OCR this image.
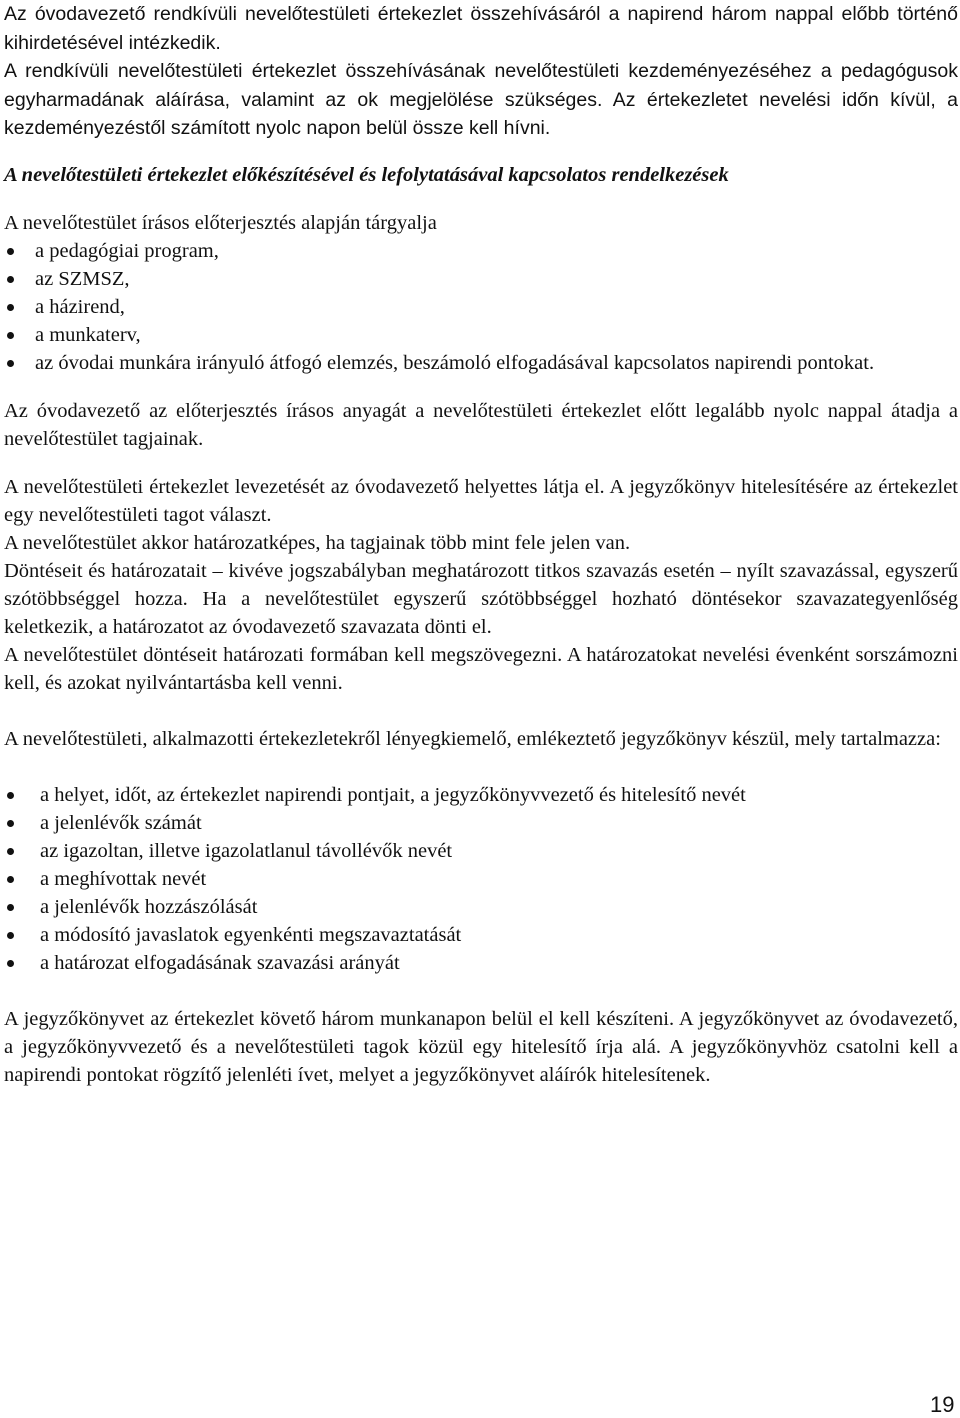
Az óvodavezető rendkívüli nevelőtestületi értekezlet összehívásáról a napirend három nappal előbb történő kihirdetésével intézkedik.

A rendkívüli nevelőtestületi értekezlet összehívásának nevelőtestületi kezdeményezéséhez a pedagógusok egyharmadának aláírása, valamint az ok megjelölése szükséges. Az értekezletet nevelési időn kívül, a kezdeményezéstől számított nyolc napon belül össze kell hívni.

A nevelőtestületi értekezlet előkészítésével és lefolytatásával kapcsolatos rendelkezések

A nevelőtestület írásos előterjesztés alapján tárgyalja

a pedagógiai program,
az SZMSZ,
a házirend,
a munkaterv,
az óvodai munkára irányuló átfogó elemzés, beszámoló elfogadásával kapcsolatos napirendi pontokat.

Az óvodavezető az előterjesztés írásos anyagát a nevelőtestületi értekezlet előtt legalább nyolc nappal átadja a nevelőtestület tagjainak.

A nevelőtestületi értekezlet levezetését az óvodavezető helyettes látja el. A jegyzőkönyv hitelesítésére az értekezlet egy nevelőtestületi tagot választ.

A nevelőtestület akkor határozatképes, ha tagjainak több mint fele jelen van.

Döntéseit és határozatait – kivéve jogszabályban meghatározott titkos szavazás esetén – nyílt szavazással, egyszerű szótöbbséggel hozza. Ha a nevelőtestület egyszerű szótöbbséggel hozható döntésekor szavazategyenlőség keletkezik, a határozatot az óvodavezető szavazata dönti el.

A nevelőtestület döntéseit határozati formában kell megszövegezni. A határozatokat nevelési évenként sorszámozni kell, és azokat nyilvántartásba kell venni.

A nevelőtestületi, alkalmazotti értekezletekről lényegkiemelő, emlékeztető jegyzőkönyv készül, mely tartalmazza:

a helyet, időt, az értekezlet napirendi pontjait, a jegyzőkönyvvezető és hitelesítő nevét
a jelenlévők számát
az igazoltan, illetve igazolatlanul távollévők nevét
a meghívottak nevét
a jelenlévők hozzászólását
a módosító javaslatok egyenkénti megszavaztatását
a határozat elfogadásának szavazási arányát

A jegyzőkönyvet az értekezlet követő három munkanapon belül el kell készíteni. A jegyzőkönyvet az óvodavezető, a jegyzőkönyvvezető és a nevelőtestületi tagok közül egy hitelesítő írja alá. A jegyzőkönyvhöz csatolni kell a napirendi pontokat rögzítő jelenléti ívet, melyet a jegyzőkönyvet aláírók hitelesítenek.

19
